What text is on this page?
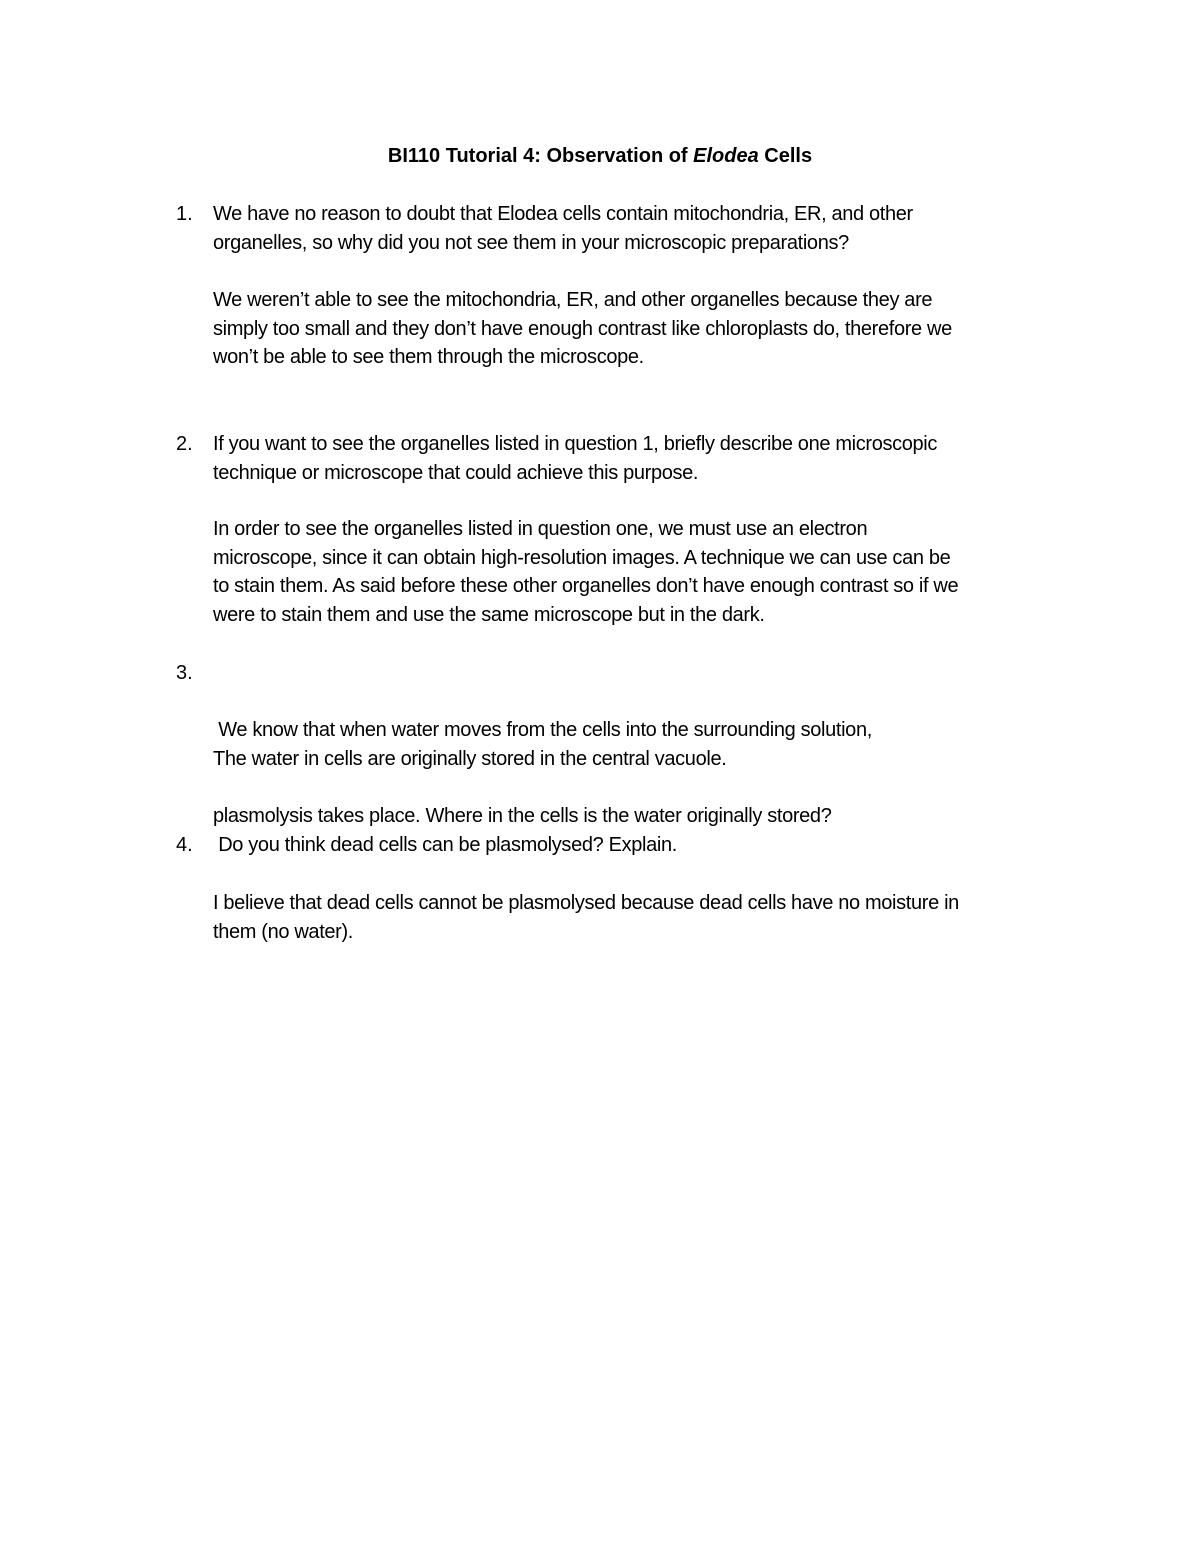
BI110 Tutorial 4: Observation of Elodea Cells
1.	We have no reason to doubt that Elodea cells contain mitochondria, ER, and other
organelles, so why did you not see them in your microscopic preparations?
We weren’t able to see the mitochondria, ER, and other organelles because they are
simply too small and they don’t have enough contrast like chloroplasts do, therefore we
won’t be able to see them through the microscope.
2.	If you want to see the organelles listed in question 1, briefly describe one microscopic
technique or microscope that could achieve this purpose.
In order to see the organelles listed in question one, we must use an electron
microscope, since it can obtain high-resolution images. A technique we can use can be
to stain them. As said before these other organelles don’t have enough contrast so if we
were to stain them and use the same microscope but in the dark.
3.

We know that when water moves from the cells into the surrounding solution,

plasmolysis takes place. Where in the cells is the water originally stored?

The water in cells are originally stored in the central vacuole.
4.	Do you think dead cells can be plasmolysed? Explain.
I believe that dead cells cannot be plasmolysed because dead cells have no moisture in
them (no water).
